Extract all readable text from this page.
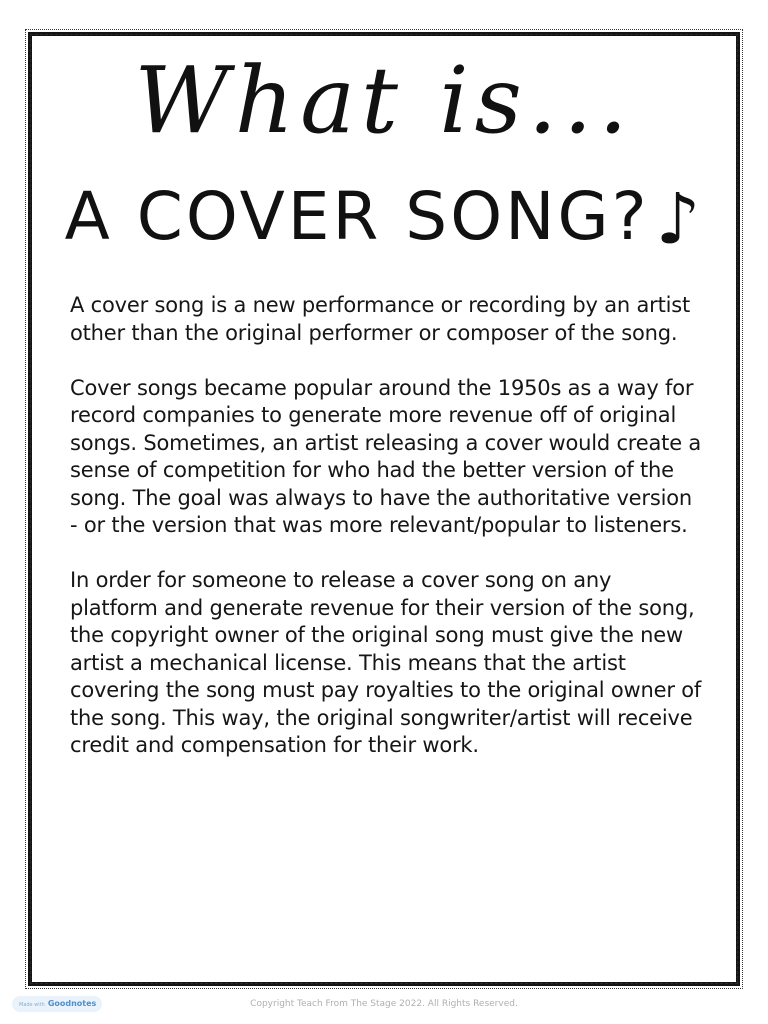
What is...
A COVER SONG?♪

A cover song is a new performance or recording by an artist other than the original performer or composer of the song.

Cover songs became popular around the 1950s as a way for record companies to generate more revenue off of original songs. Sometimes, an artist releasing a cover would create a sense of competition for who had the better version of the song. The goal was always to have the authoritative version - or the version that was more relevant/popular to listeners.

In order for someone to release a cover song on any platform and generate revenue for their version of the song, the copyright owner of the original song must give the new artist a mechanical license. This means that the artist covering the song must pay royalties to the original owner of the song. This way, the original songwriter/artist will receive credit and compensation for their work.

Made with Goodnotes	Copyright Teach From The Stage 2022. All Rights Reserved.
